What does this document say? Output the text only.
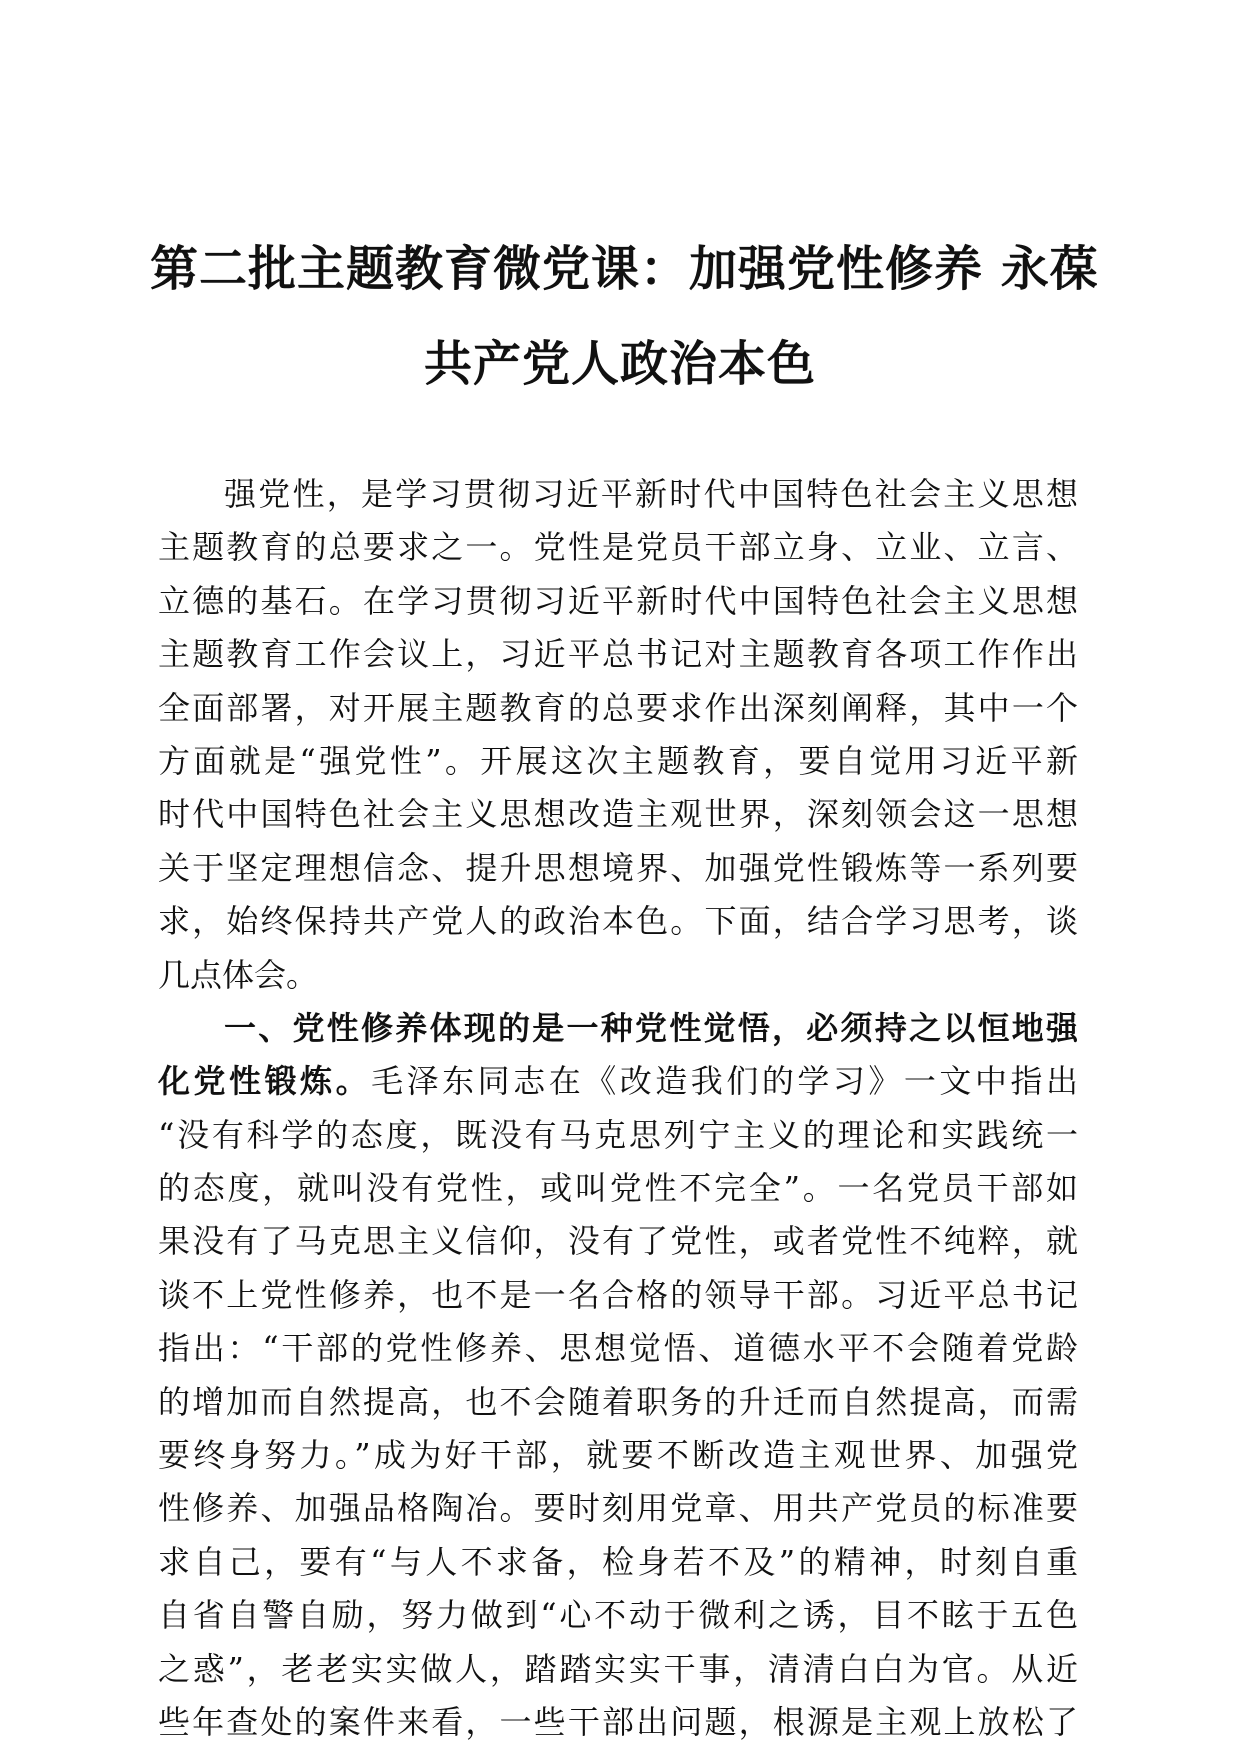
第二批主题教育微党课：加强党性修养 永葆
共产党人政治本色
强党性，是学习贯彻习近平新时代中国特色社会主义思想
主题教育的总要求之一。党性是党员干部立身、立业、立言、
立德的基石。在学习贯彻习近平新时代中国特色社会主义思想
主题教育工作会议上，习近平总书记对主题教育各项工作作出
全面部署，对开展主题教育的总要求作出深刻阐释，其中一个
方面就是“强党性”。开展这次主题教育，要自觉用习近平新
时代中国特色社会主义思想改造主观世界，深刻领会这一思想
关于坚定理想信念、提升思想境界、加强党性锻炼等一系列要
求，始终保持共产党人的政治本色。下面，结合学习思考，谈
几点体会。
一、党性修养体现的是一种党性觉悟，必须持之以恒地强
化党性锻炼。毛泽东同志在《改造我们的学习》一文中指出
“没有科学的态度，既没有马克思列宁主义的理论和实践统一
的态度，就叫没有党性，或叫党性不完全”。一名党员干部如
果没有了马克思主义信仰，没有了党性，或者党性不纯粹，就
谈不上党性修养，也不是一名合格的领导干部。习近平总书记
指出：“干部的党性修养、思想觉悟、道德水平不会随着党龄
的增加而自然提高，也不会随着职务的升迁而自然提高，而需
要终身努力。”成为好干部，就要不断改造主观世界、加强党
性修养、加强品格陶冶。要时刻用党章、用共产党员的标准要
求自己，要有“与人不求备，检身若不及”的精神，时刻自重
自省自警自励，努力做到“心不动于微利之诱，目不眩于五色
之惑”，老老实实做人，踏踏实实干事，清清白白为官。从近
些年查处的案件来看，一些干部出问题，根源是主观上放松了
